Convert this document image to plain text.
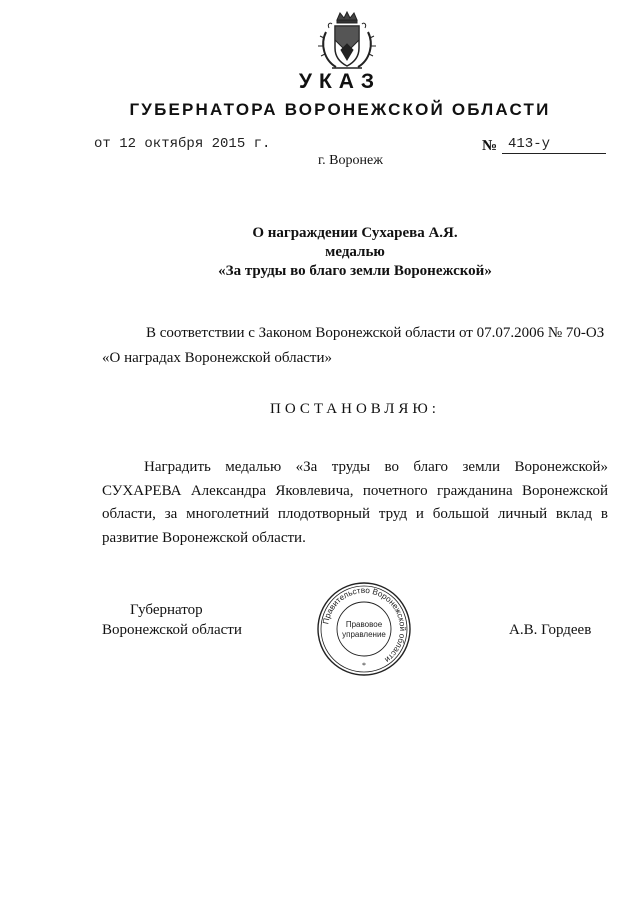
УКАЗ
ГУБЕРНАТОРА ВОРОНЕЖСКОЙ ОБЛАСТИ
от 12 октября 2015 г.	№ 413-у
г. Воронеж
О награждении Сухарева А.Я.
медалью
«За труды во благо земли Воронежской»
В соответствии с Законом Воронежской области от 07.07.2006 № 70-ОЗ
«О наградах Воронежской области»
ПОСТАНОВЛЯЮ:
Наградить медалью «За труды во благо земли Воронежской» СУХАРЕВА Александра Яковлевича, почетного гражданина Воронежской области, за многолетний плодотворный труд и большой личный вклад в развитие Воронежской области.
Губернатор
Воронежской области	А.В. Гордеев
Правительство Воронежской области
Правовое
управление
*
